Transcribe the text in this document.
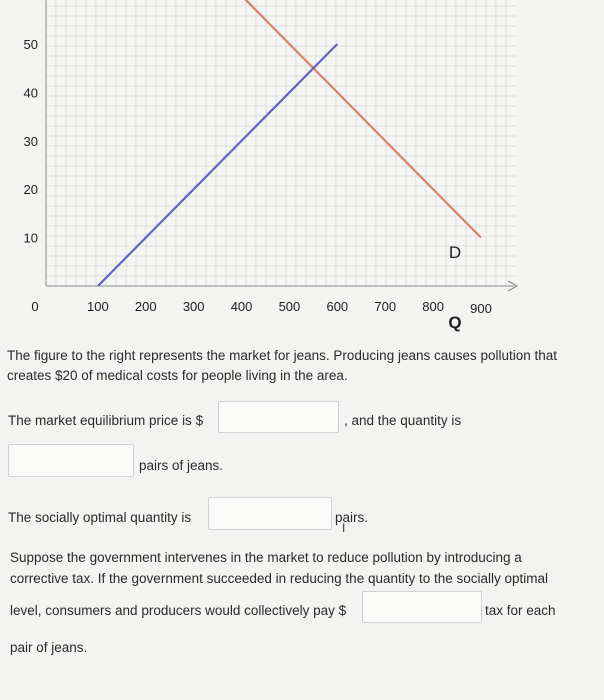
10
20
30
40
50
0	100 200 300 400 500 600 700 800 900
D
Q
The figure to the right represents the market for jeans. Producing jeans causes pollution that creates $20 of medical costs for people living in the area.
The market equilibrium price is $	, and the quantity is
pairs of jeans.
The socially optimal quantity is	pairs.
I
Suppose the government intervenes in the market to reduce pollution by introducing a
corrective tax. If the government succeeded in reducing the quantity to the socially optimal
level, consumers and producers would collectively pay $	tax for each
pair of jeans.
